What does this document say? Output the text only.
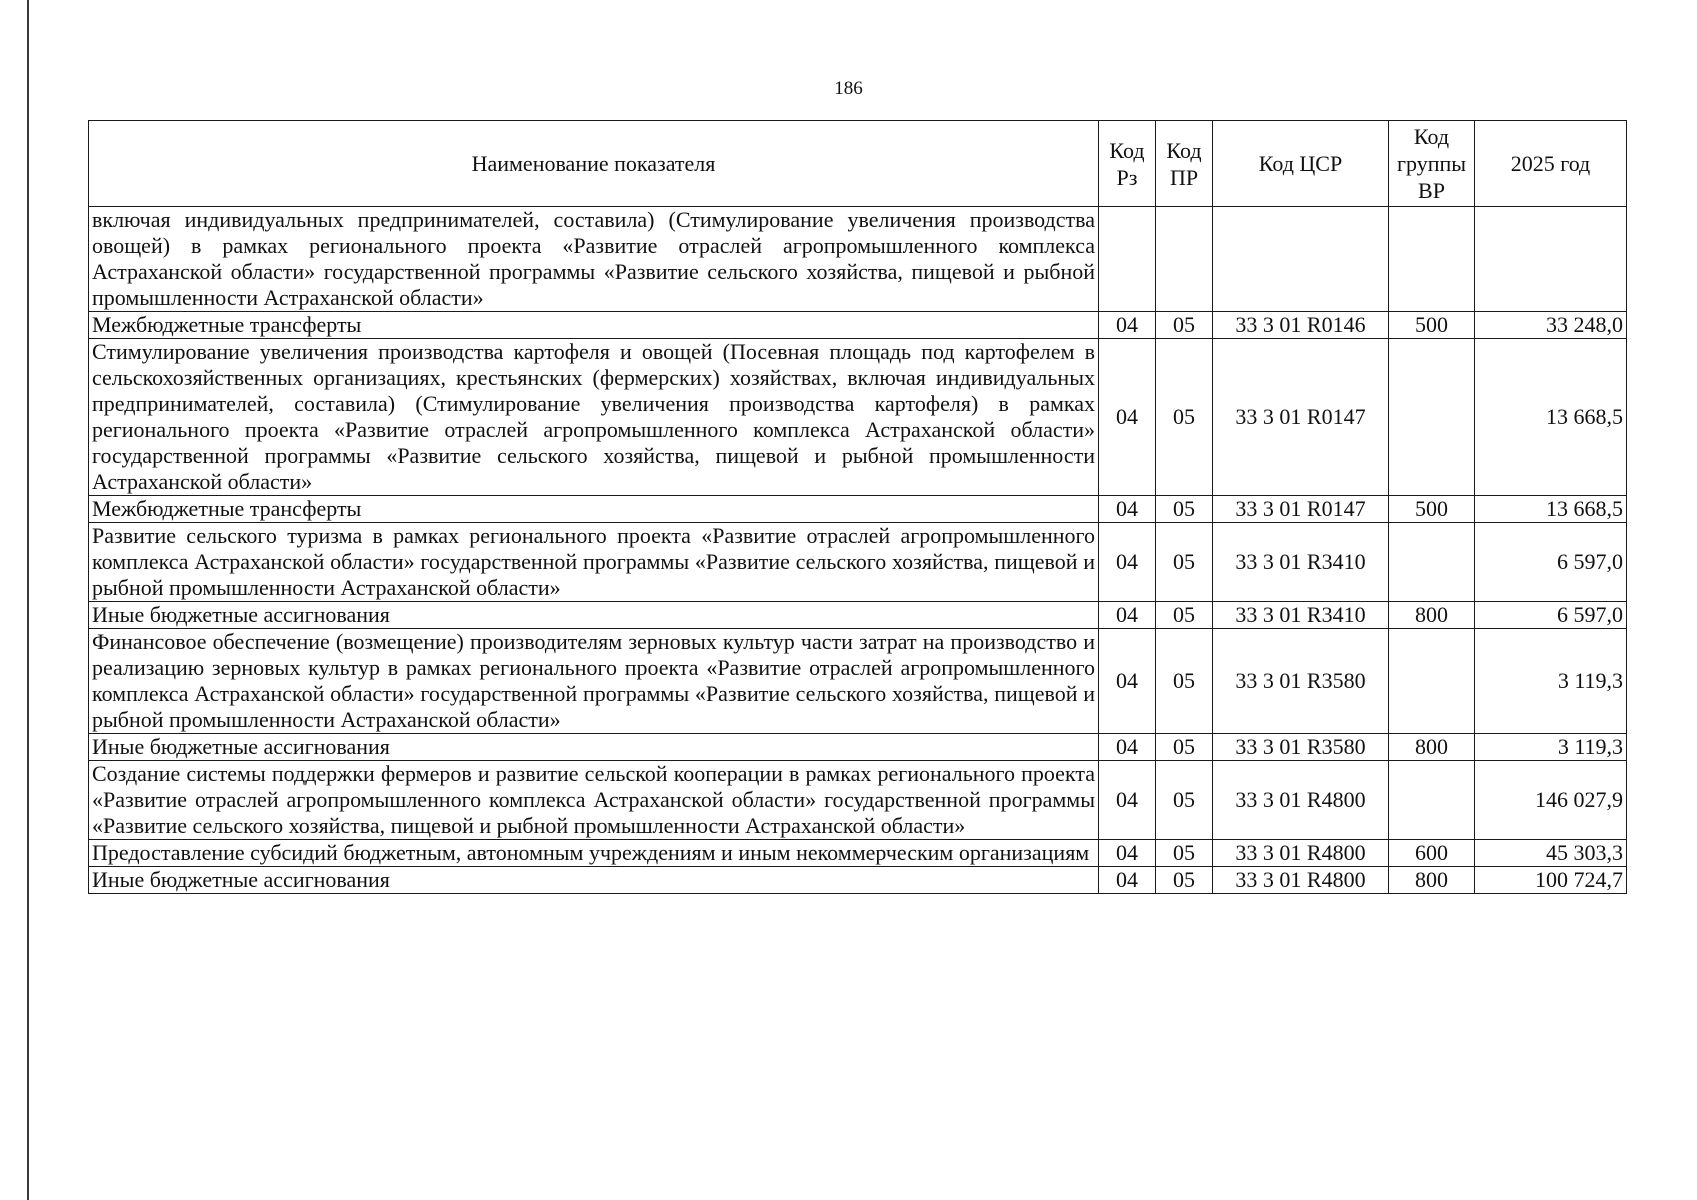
186
Наименование показателя	Код Рз	Код ПР	Код ЦСР	Код группы ВР	2025 год
включая индивидуальных предпринимателей, составила) (Стимулирование увеличения производства овощей) в рамках регионального проекта «Развитие отраслей агропромышленного комплекса Астраханской области» государственной программы «Развитие сельского хозяйства, пищевой и рыбной промышленности Астраханской области»					
Межбюджетные трансферты	04	05	33 3 01 R0146	500	33 248,0
Стимулирование увеличения производства картофеля и овощей (Посевная площадь под картофелем в сельскохозяйственных организациях, крестьянских (фермерских) хозяйствах, включая индивидуальных предпринимателей, составила) (Стимулирование увеличения производства картофеля) в рамках регионального проекта «Развитие отраслей агропромышленного комплекса Астраханской области» государственной программы «Развитие сельского хозяйства, пищевой и рыбной промышленности Астраханской области»	04	05	33 3 01 R0147		13 668,5
Межбюджетные трансферты	04	05	33 3 01 R0147	500	13 668,5
Развитие сельского туризма в рамках регионального проекта «Развитие отраслей агропромышленного комплекса Астраханской области» государственной программы «Развитие сельского хозяйства, пищевой и рыбной промышленности Астраханской области»	04	05	33 3 01 R3410		6 597,0
Иные бюджетные ассигнования	04	05	33 3 01 R3410	800	6 597,0
Финансовое обеспечение (возмещение) производителям зерновых культур части затрат на производство и реализацию зерновых культур в рамках регионального проекта «Развитие отраслей агропромышленного комплекса Астраханской области» государственной программы «Развитие сельского хозяйства, пищевой и рыбной промышленности Астраханской области»	04	05	33 3 01 R3580		3 119,3
Иные бюджетные ассигнования	04	05	33 3 01 R3580	800	3 119,3
Создание системы поддержки фермеров и развитие сельской кооперации в рамках регионального проекта «Развитие отраслей агропромышленного комплекса Астраханской области» государственной программы «Развитие сельского хозяйства, пищевой и рыбной промышленности Астраханской области»	04	05	33 3 01 R4800		146 027,9
Предоставление субсидий бюджетным, автономным учреждениям и иным некоммерческим организациям	04	05	33 3 01 R4800	600	45 303,3
Иные бюджетные ассигнования	04	05	33 3 01 R4800	800	100 724,7
